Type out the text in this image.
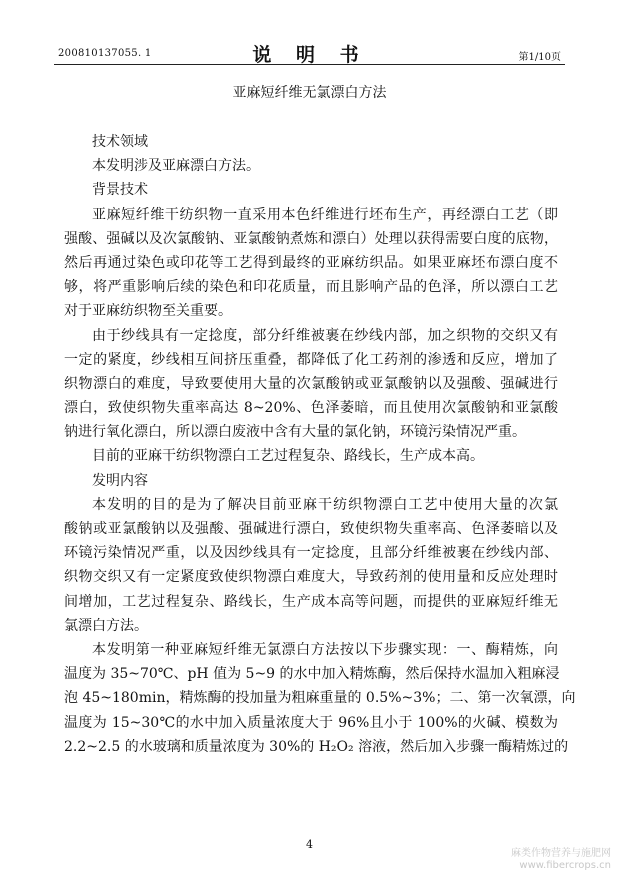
200810137055. 1	说 明 书	第1/10页
亚麻短纤维无氯漂白方法
技术领域
本发明涉及亚麻漂白方法。
背景技术
亚麻短纤维干纺织物一直采用本色纤维进行坯布生产，再经漂白工艺（即
强酸、强碱以及次氯酸钠、亚氯酸钠煮炼和漂白）处理以获得需要白度的底物，
然后再通过染色或印花等工艺得到最终的亚麻纺织品。如果亚麻坯布漂白度不
够，将严重影响后续的染色和印花质量，而且影响产品的色泽，所以漂白工艺
对于亚麻纺织物至关重要。
由于纱线具有一定捻度，部分纤维被裹在纱线内部，加之织物的交织又有
一定的紧度，纱线相互间挤压重叠，都降低了化工药剂的渗透和反应，增加了
织物漂白的难度，导致要使用大量的次氯酸钠或亚氯酸钠以及强酸、强碱进行
漂白，致使织物失重率高达 8~20%、色泽萎暗，而且使用次氯酸钠和亚氯酸
钠进行氧化漂白，所以漂白废液中含有大量的氯化钠，环镜污染情况严重。
目前的亚麻干纺织物漂白工艺过程复杂、路线长，生产成本高。
发明内容
本发明的目的是为了解决目前亚麻干纺织物漂白工艺中使用大量的次氯
酸钠或亚氯酸钠以及强酸、强碱进行漂白，致使织物失重率高、色泽萎暗以及
环镜污染情况严重，以及因纱线具有一定捻度，且部分纤维被裹在纱线内部、
织物交织又有一定紧度致使织物漂白难度大，导致药剂的使用量和反应处理时
间增加，工艺过程复杂、路线长，生产成本高等问题，而提供的亚麻短纤维无
氯漂白方法。
本发明第一种亚麻短纤维无氯漂白方法按以下步骤实现：一、酶精炼，向
温度为 35~70℃、pH 值为 5~9 的水中加入精炼酶，然后保持水温加入粗麻浸
泡 45~180min，精炼酶的投加量为粗麻重量的 0.5%~3%；二、第一次氧漂，向
温度为 15~30℃的水中加入质量浓度大于 96%且小于 100%的火碱、模数为
2.2~2.5 的水玻璃和质量浓度为 30%的 H₂O₂ 溶液，然后加入步骤一酶精炼过的
4
麻类作物营养与施肥网
www.fibercrops.cn
